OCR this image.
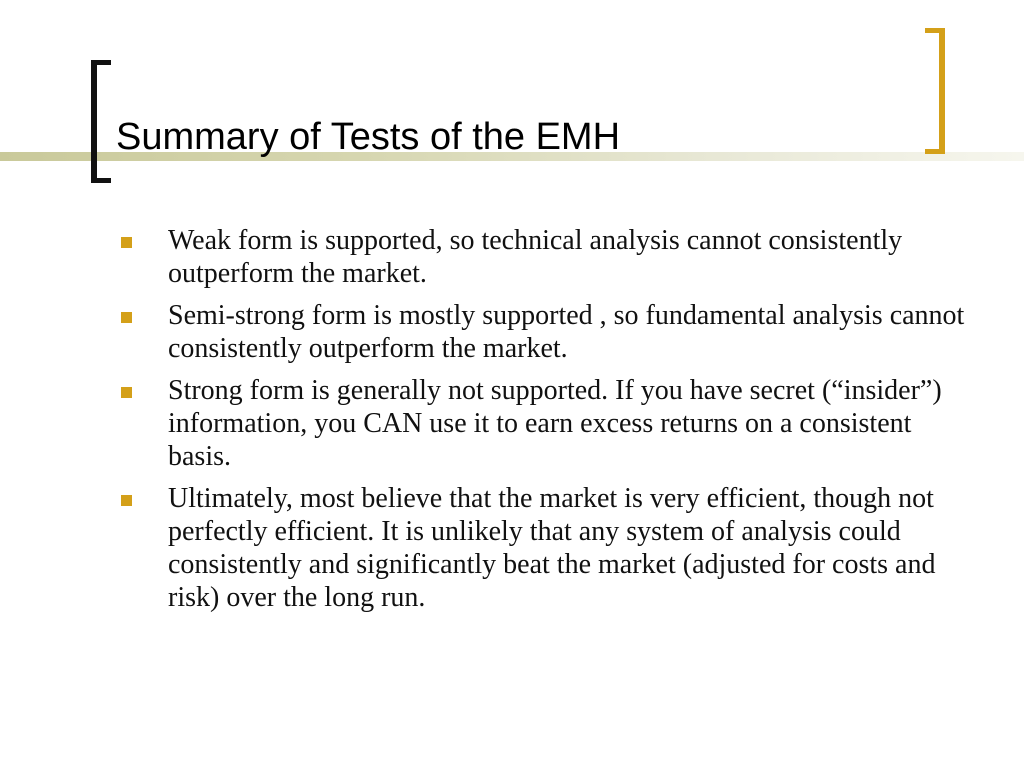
Summary of Tests of the EMH
Weak form is supported, so technical analysis cannot consistently outperform the market.
Semi-strong form is mostly supported , so fundamental analysis cannot consistently outperform the market.
Strong form is generally not supported. If you have secret (“insider”) information, you CAN use it to earn excess returns on a consistent basis.
Ultimately, most believe that the market is very efficient, though not perfectly efficient. It is unlikely that any system of analysis could consistently and significantly beat the market (adjusted for costs and risk) over the long run.
